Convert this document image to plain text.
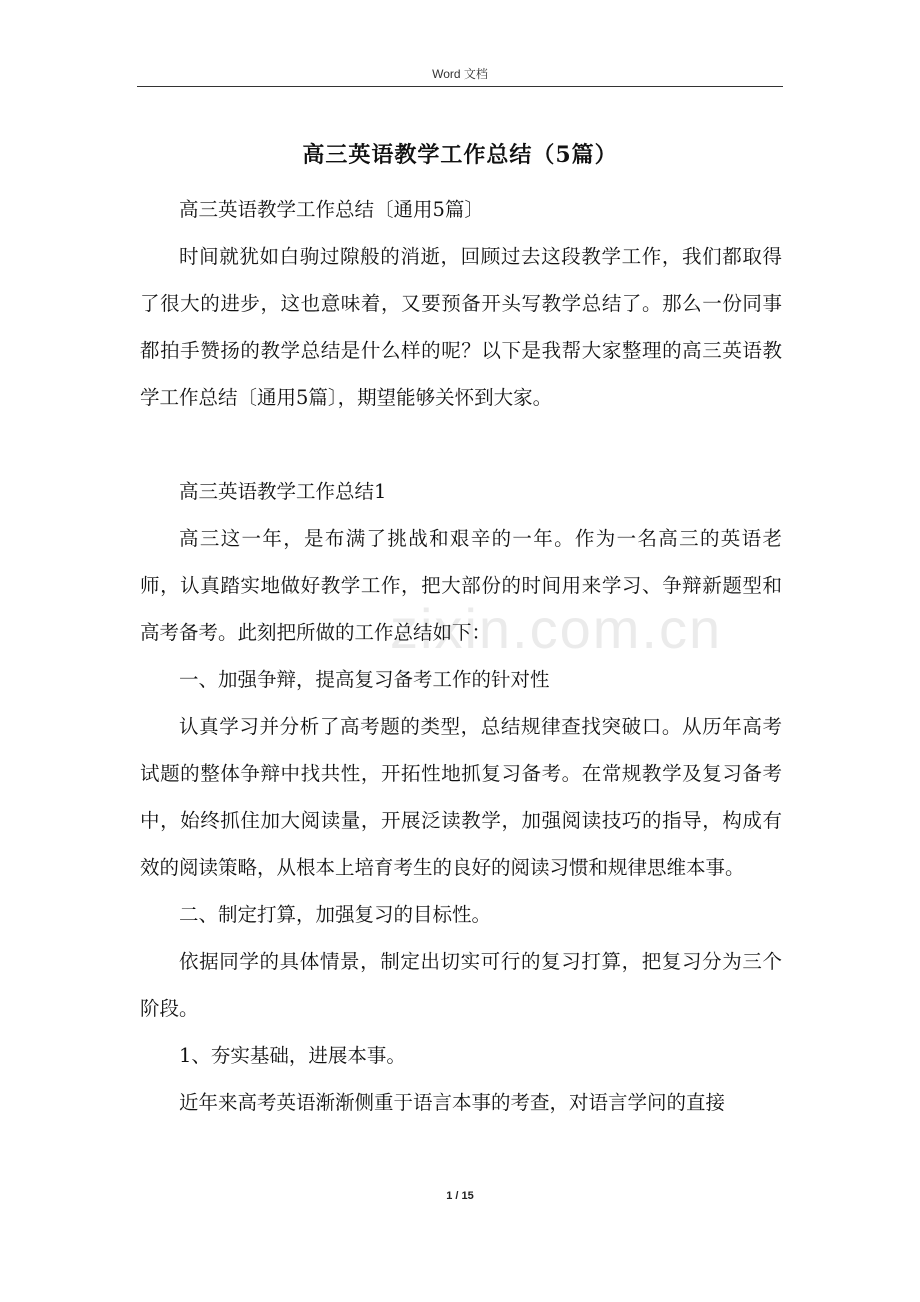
Word 文档
zixin.com.cn
高三英语教学工作总结（5篇）

高三英语教学工作总结〔通用5篇〕

时间就犹如白驹过隙般的消逝，回顾过去这段教学工作，我们都取得了很大的进步，这也意味着，又要预备开头写教学总结了。那么一份同事都拍手赞扬的教学总结是什么样的呢？以下是我帮大家整理的高三英语教学工作总结〔通用5篇〕，期望能够关怀到大家。

高三英语教学工作总结1

高三这一年，是布满了挑战和艰辛的一年。作为一名高三的英语老师，认真踏实地做好教学工作，把大部份的时间用来学习、争辩新题型和高考备考。此刻把所做的工作总结如下：

一、加强争辩，提高复习备考工作的针对性

认真学习并分析了高考题的类型，总结规律查找突破口。从历年高考试题的整体争辩中找共性，开拓性地抓复习备考。在常规教学及复习备考中，始终抓住加大阅读量，开展泛读教学，加强阅读技巧的指导，构成有效的阅读策略，从根本上培育考生的良好的阅读习惯和规律思维本事。

二、制定打算，加强复习的目标性。

依据同学的具体情景，制定出切实可行的复习打算，把复习分为三个阶段。

1、夯实基础，进展本事。

近年来高考英语渐渐侧重于语言本事的考查，对语言学问的直接

1 / 15
